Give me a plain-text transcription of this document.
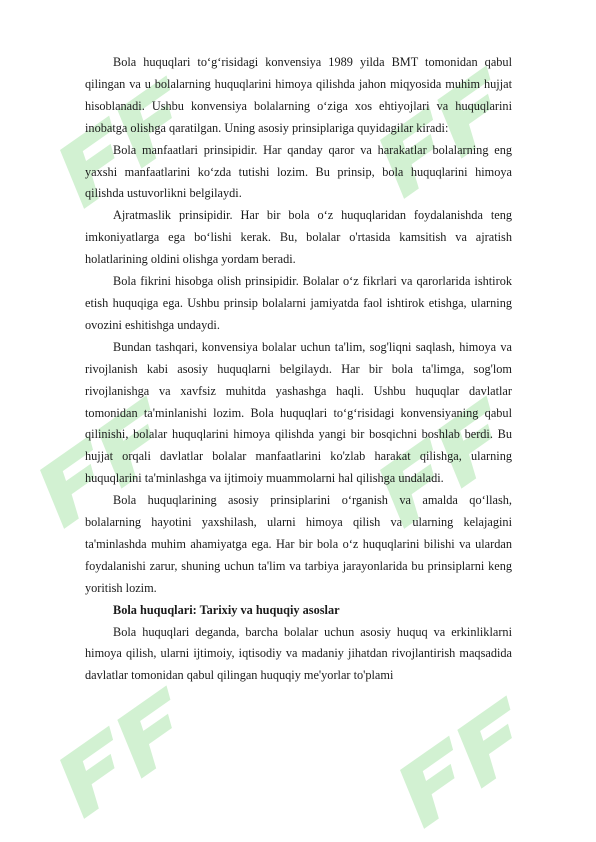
Bola huquqlari to‘g‘risidagi konvensiya 1989 yilda BMT tomonidan qabul qilingan va u bolalarning huquqlarini himoya qilishda jahon miqyosida muhim hujjat hisoblanadi. Ushbu konvensiya bolalarning o‘ziga xos ehtiyojlari va huquqlarini inobatga olishga qaratilgan. Uning asosiy prinsiplariga quyidagilar kiradi:

Bola manfaatlari prinsipidir. Har qanday qaror va harakatlar bolalarning eng yaxshi manfaatlarini ko‘zda tutishi lozim. Bu prinsip, bola huquqlarini himoya qilishda ustuvorlikni belgilaydi.

Ajratmaslik prinsipidir. Har bir bola o‘z huquqlaridan foydalanishda teng imkoniyatlarga ega bo‘lishi kerak. Bu, bolalar o'rtasida kamsitish va ajratish holatlarining oldini olishga yordam beradi.

Bola fikrini hisobga olish prinsipidir. Bolalar o‘z fikrlari va qarorlarida ishtirok etish huquqiga ega. Ushbu prinsip bolalarni jamiyatda faol ishtirok etishga, ularning ovozini eshitishga undaydi.

Bundan tashqari, konvensiya bolalar uchun ta'lim, sog'liqni saqlash, himoya va rivojlanish kabi asosiy huquqlarni belgilaydı. Har bir bola ta'limga, sog'lom rivojlanishga va xavfsiz muhitda yashashga haqli. Ushbu huquqlar davlatlar tomonidan ta'minlanishi lozim. Bola huquqlari to‘g‘risidagi konvensiyaning qabul qilinishi, bolalar huquqlarini himoya qilishda yangi bir bosqichni boshlab berdi. Bu hujjat orqali davlatlar bolalar manfaatlarini ko'zlab harakat qilishga, ularning huquqlarini ta'minlashga va ijtimoiy muammolarni hal qilishga undaladi.

Bola huquqlarining asosiy prinsiplarini o‘rganish va amalda qo‘llash, bolalarning hayotini yaxshilash, ularni himoya qilish va ularning kelajagini ta'minlashda muhim ahamiyatga ega. Har bir bola o‘z huquqlarini bilishi va ulardan foydalanishi zarur, shuning uchun ta'lim va tarbiya jarayonlarida bu prinsiplarni keng yoritish lozim.

Bola huquqlari: Tarixiy va huquqiy asoslar

Bola huquqlari deganda, barcha bolalar uchun asosiy huquq va erkinliklarni himoya qilish, ularni ijtimoiy, iqtisodiy va madaniy jihatdan rivojlantirish maqsadida davlatlar tomonidan qabul qilingan huquqiy me'yorlar to'plami
